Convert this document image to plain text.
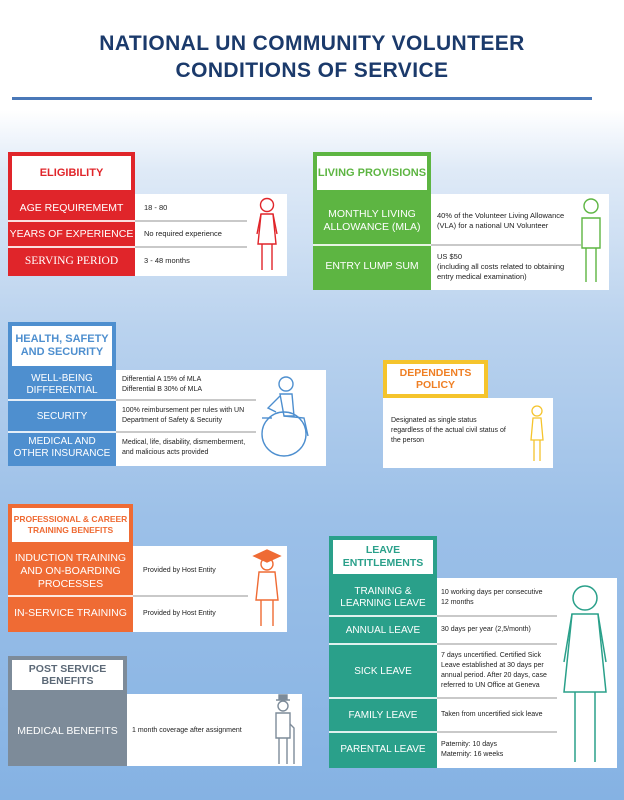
NATIONAL UN COMMUNITY VOLUNTEER
CONDITIONS OF SERVICE
ELIGIBILITY
AGE REQUIREMEMT
YEARS OF EXPERIENCE
SERVING PERIOD
18 - 80
No required experience
3 - 48 months
LIVING PROVISIONS
MONTHLY LIVING
ALLOWANCE (MLA)
ENTRY LUMP SUM
40% of the Volunteer Living Allowance
(VLA) for a national UN Volunteer
US $50
(including all costs related to obtaining
entry medical examination)
HEALTH, SAFETY
AND SECURITY
WELL-BEING
DIFFERENTIAL
SECURITY
MEDICAL AND
OTHER INSURANCE
Differential A 15% of MLA
Differential B 30% of MLA
100% reimbursement per rules with UN
Department of Safety & Security
Medical, life, disability, dismemberment,
and malicious acts provided
DEPENDENTS
POLICY
Designated as single status
regardless of the actual civil status of
the person
PROFESSIONAL & CAREER
TRAINING BENEFITS
INDUCTION TRAINING
AND ON-BOARDING
PROCESSES
IN-SERVICE TRAINING
Provided by Host Entity
Provided by Host Entity
POST SERVICE
BENEFITS
MEDICAL BENEFITS	1 month coverage after assignment
LEAVE
ENTITLEMENTS
TRAINING &
LEARNING LEAVE
ANNUAL LEAVE
SICK LEAVE
FAMILY LEAVE
PARENTAL LEAVE
10 working days per consecutive
12 months
30 days per year (2,5/month)
7 days uncertified. Certified Sick
Leave established at 30 days per
annual period. After 20 days, case
referred to UN Office at Geneva
Taken from uncertified sick leave
Paternity: 10 days
Maternity: 16 weeks
